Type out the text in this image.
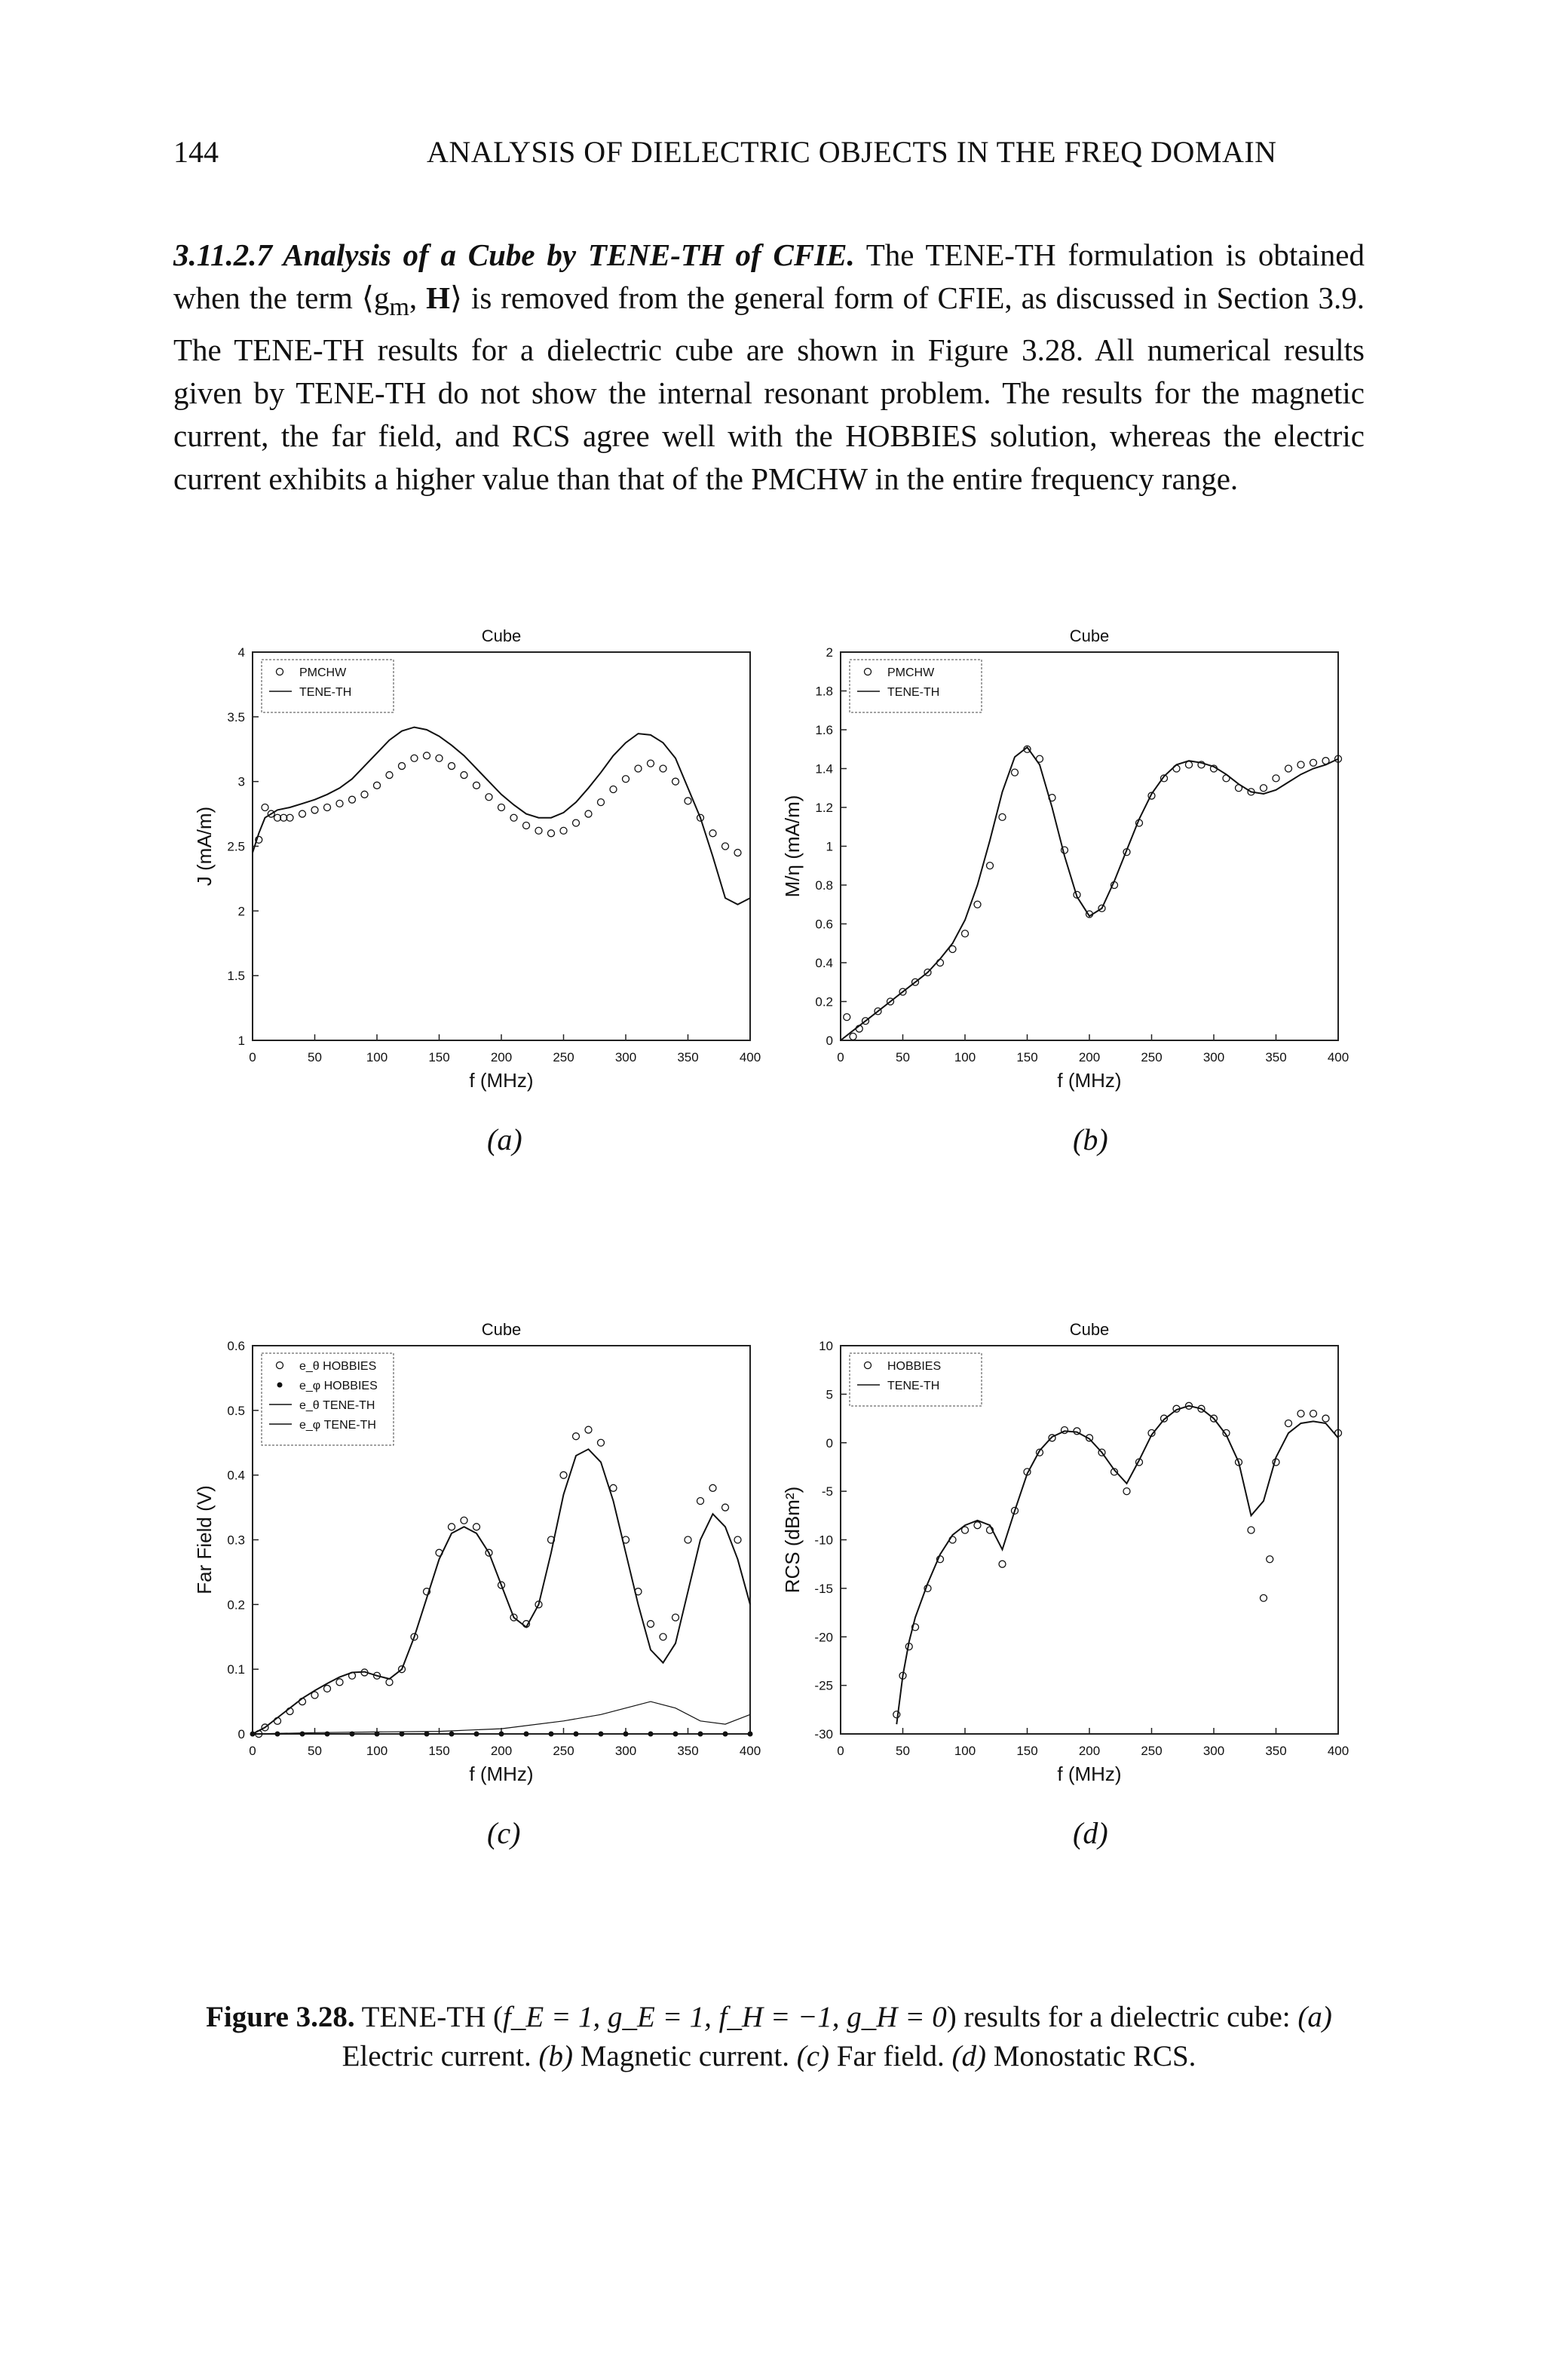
144	ANALYSIS OF DIELECTRIC OBJECTS IN THE FREQ DOMAIN
3.11.2.7 Analysis of a Cube by TENE-TH of CFIE. The TENE-TH formulation is obtained when the term $⟨g_m$, H⟩ is removed from the general form of CFIE, as discussed in Section 3.9. The TENE-TH results for a dielectric cube are shown in Figure 3.28. All numerical results given by TENE-TH do not show the internal resonant problem. The results for the magnetic current, the far field, and RCS agree well with the HOBBIES solution, whereas the electric current exhibits a higher value than that of the PMCHW in the entire frequency range.
Cube
0	50	100	150	200	250	300	350	400
1
1.5
2
2.5
3
3.5
4
f (MHz)
J (mA/m)
PMCHW
TENE-TH
Cube
0	50	100	150	200	250	300	350	400
0
0.2
0.4
0.6
0.8
1
1.2
1.4
1.6
1.8
2
f (MHz)
M/η (mA/m)
PMCHW
TENE-TH
Cube
0	50	100	150	200	250	300	350	400
0
0.1
0.2
0.3
0.4
0.5
0.6
f (MHz)
Far Field (V)
e_θ HOBBIES
e_φ HOBBIES
e_θ TENE-TH
e_φ TENE-TH
Cube
0	50	100	150	200	250	300	350	400
-30
-25
-20
-15
-10
-5
0
5
10
f (MHz)
RCS (dBm²)
HOBBIES
TENE-TH
(a)	(b)
(c)	(d)
Figure 3.28. TENE-TH (f_E = 1, g_E = 1, f_H = −1, g_H = 0) results for a dielectric cube: (a) Electric current. (b) Magnetic current. (c) Far field. (d) Monostatic RCS.
